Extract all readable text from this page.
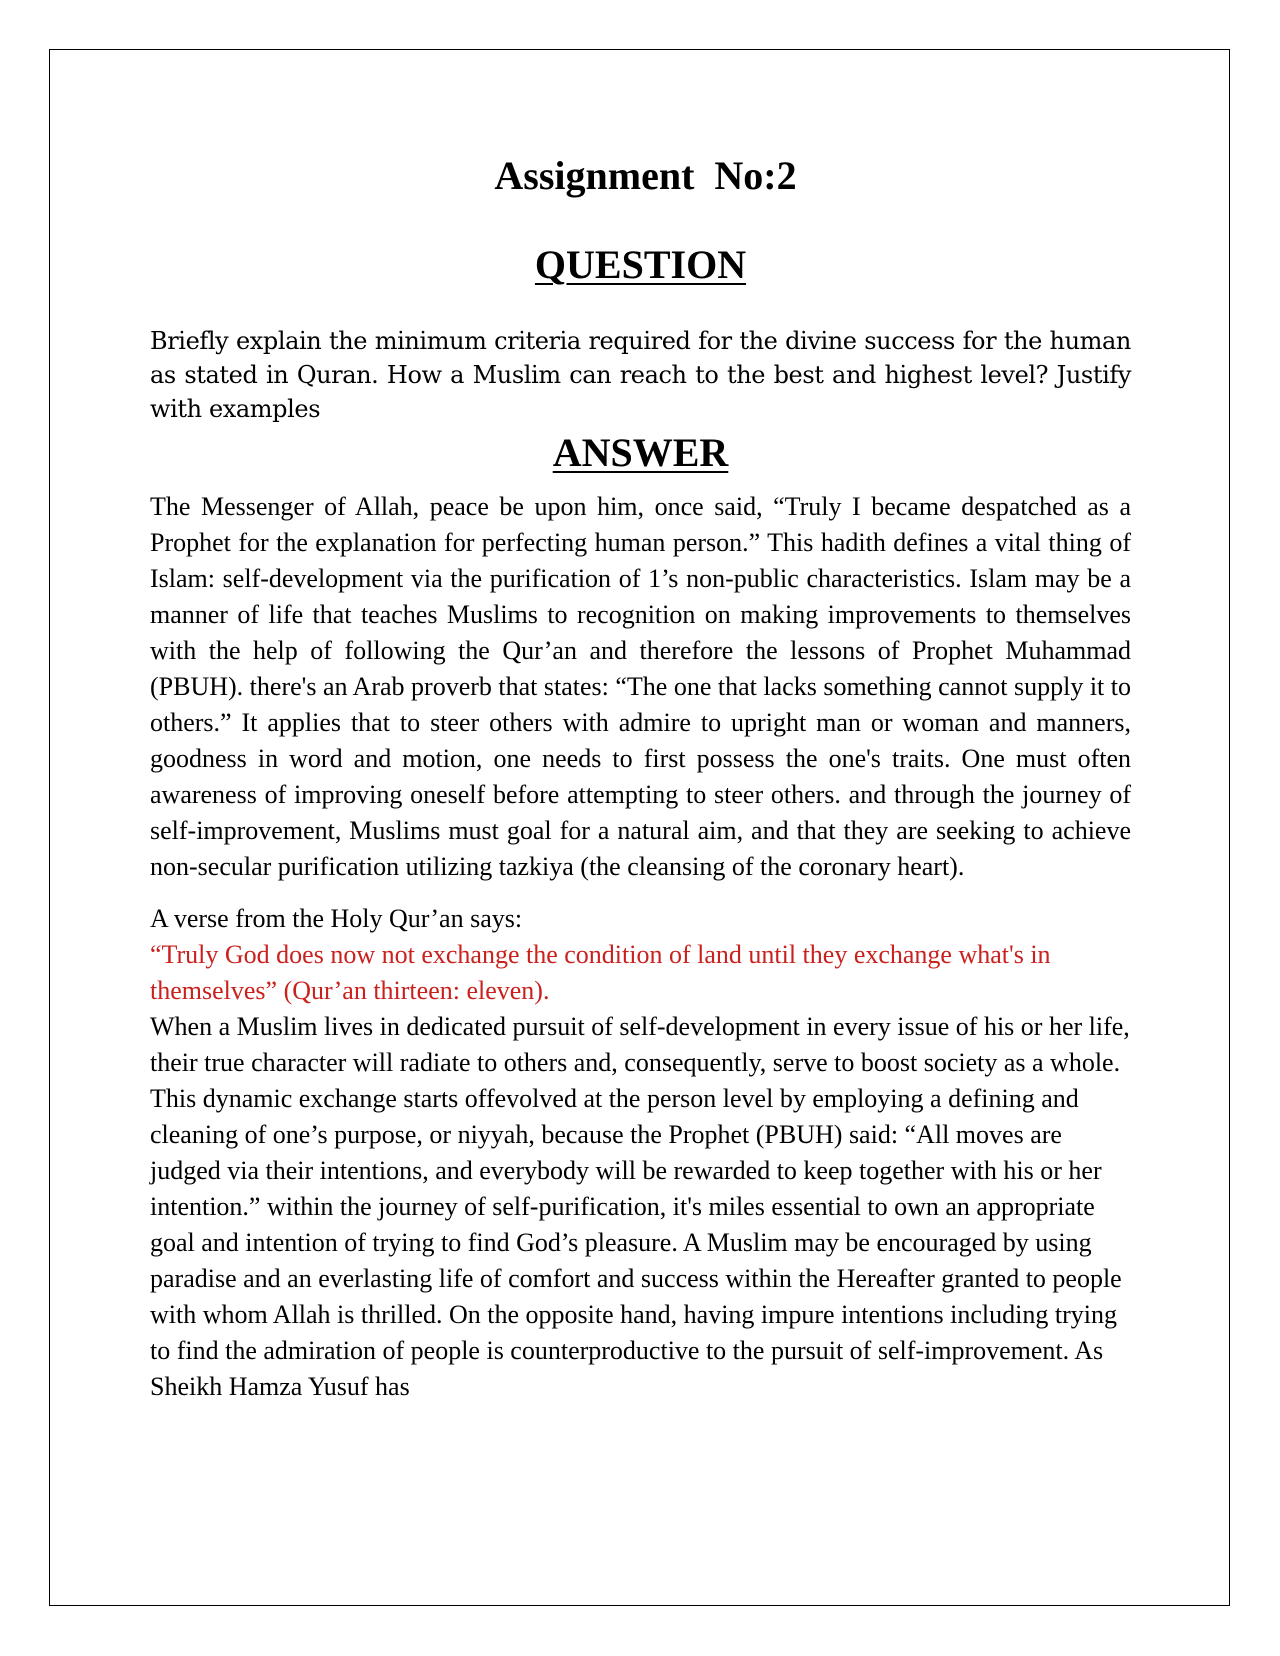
Assignment No:2
QUESTION

Briefly explain the minimum criteria required for the divine success for the human as stated in Quran. How a Muslim can reach to the best and highest level? Justify with examples

ANSWER

The Messenger of Allah, peace be upon him, once said, “Truly I became despatched as a Prophet for the explanation for perfecting human person.” This hadith defines a vital thing of Islam: self-development via the purification of 1’s non-public characteristics. Islam may be a manner of life that teaches Muslims to recognition on making improvements to themselves with the help of following the Qur’an and therefore the lessons of Prophet Muhammad (PBUH). there's an Arab proverb that states: “The one that lacks something cannot supply it to others.” It applies that to steer others with admire to upright man or woman and manners, goodness in word and motion, one needs to first possess the one's traits. One must often awareness of improving oneself before attempting to steer others. and through the journey of self-improvement, Muslims must goal for a natural aim, and that they are seeking to achieve non-secular purification utilizing tazkiya (the cleansing of the coronary heart).

A verse from the Holy Qur’an says:

“Truly God does now not exchange the condition of land until they exchange what's in themselves” (Qur’an thirteen: eleven).

When a Muslim lives in dedicated pursuit of self-development in every issue of his or her life, their true character will radiate to others and, consequently, serve to boost society as a whole. This dynamic exchange starts offevolved at the person level by employing a defining and cleaning of one’s purpose, or niyyah, because the Prophet (PBUH) said: “All moves are judged via their intentions, and everybody will be rewarded to keep together with his or her intention.” within the journey of self-purification, it's miles essential to own an appropriate goal and intention of trying to find God’s pleasure. A Muslim may be encouraged by using paradise and an everlasting life of comfort and success within the Hereafter granted to people with whom Allah is thrilled. On the opposite hand, having impure intentions including trying to find the admiration of people is counterproductive to the pursuit of self-improvement. As Sheikh Hamza Yusuf has
